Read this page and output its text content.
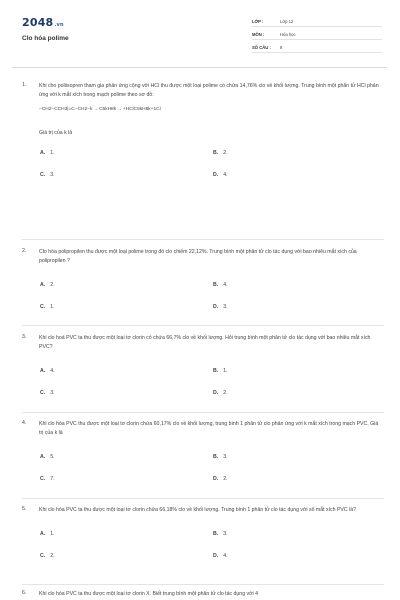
2048.vn
Clo hóa polime
LỚP :	Lớp 12
MÔN :	Hóa học
SỐ CÂU :	8
1. Khi cho poliisopren tham gia phản ứng cộng với HCl thu được một loại polime có chứa 14,76% clo về khối lượng. Trung bình một phân tử HCl phản ứng với k mắt xích trong mạch polime theo sơ đồ:
−CH2−CCH3|=C−CH2−k → C5kH8k → +HClC5kH8k+1Cl
Giá trị của k là
A. 1.	B. 2.
C. 3.	D. 4.
2. Clo hóa polipropilen thu được một loại polime trong đó clo chiếm 22,12%. Trung bình một phân tử clo tác dụng với bao nhiêu mắt xích của polipropilen ?
A. 2.	B. 4.
C. 1.	D. 3.
3. Khi clo hoá PVC ta thu được một loại tơ clorin có chứa 66,7% clo về khối lượng. Hỏi trung bình một phân tử clo tác dụng với bao nhiêu mắt xích PVC?
A. 4.	B. 1.
C. 3.	D. 2.
4. Khi clo hóa PVC thu được một loại tơ clorin chứa 60,17% clo về khối lượng, trung bình 1 phân tử clo phản ứng với k mắt xích trong mạch PVC. Giá trị của k là
A. 5.	B. 3.
C. 7.	D. 2.
5. Khi clo hóa PVC ta thu được một loại tơ clorin chứa 66,18% clo về khối lượng. Trung bình 1 phân tử clo tác dụng với số mắt xích PVC là?
A. 1.	B. 3.
C. 2.	D. 4.
6. Khi clo hóa PVC ta thu được một loại tơ clorin X. Biết trung bình một phân tử clo tác dụng với 4
